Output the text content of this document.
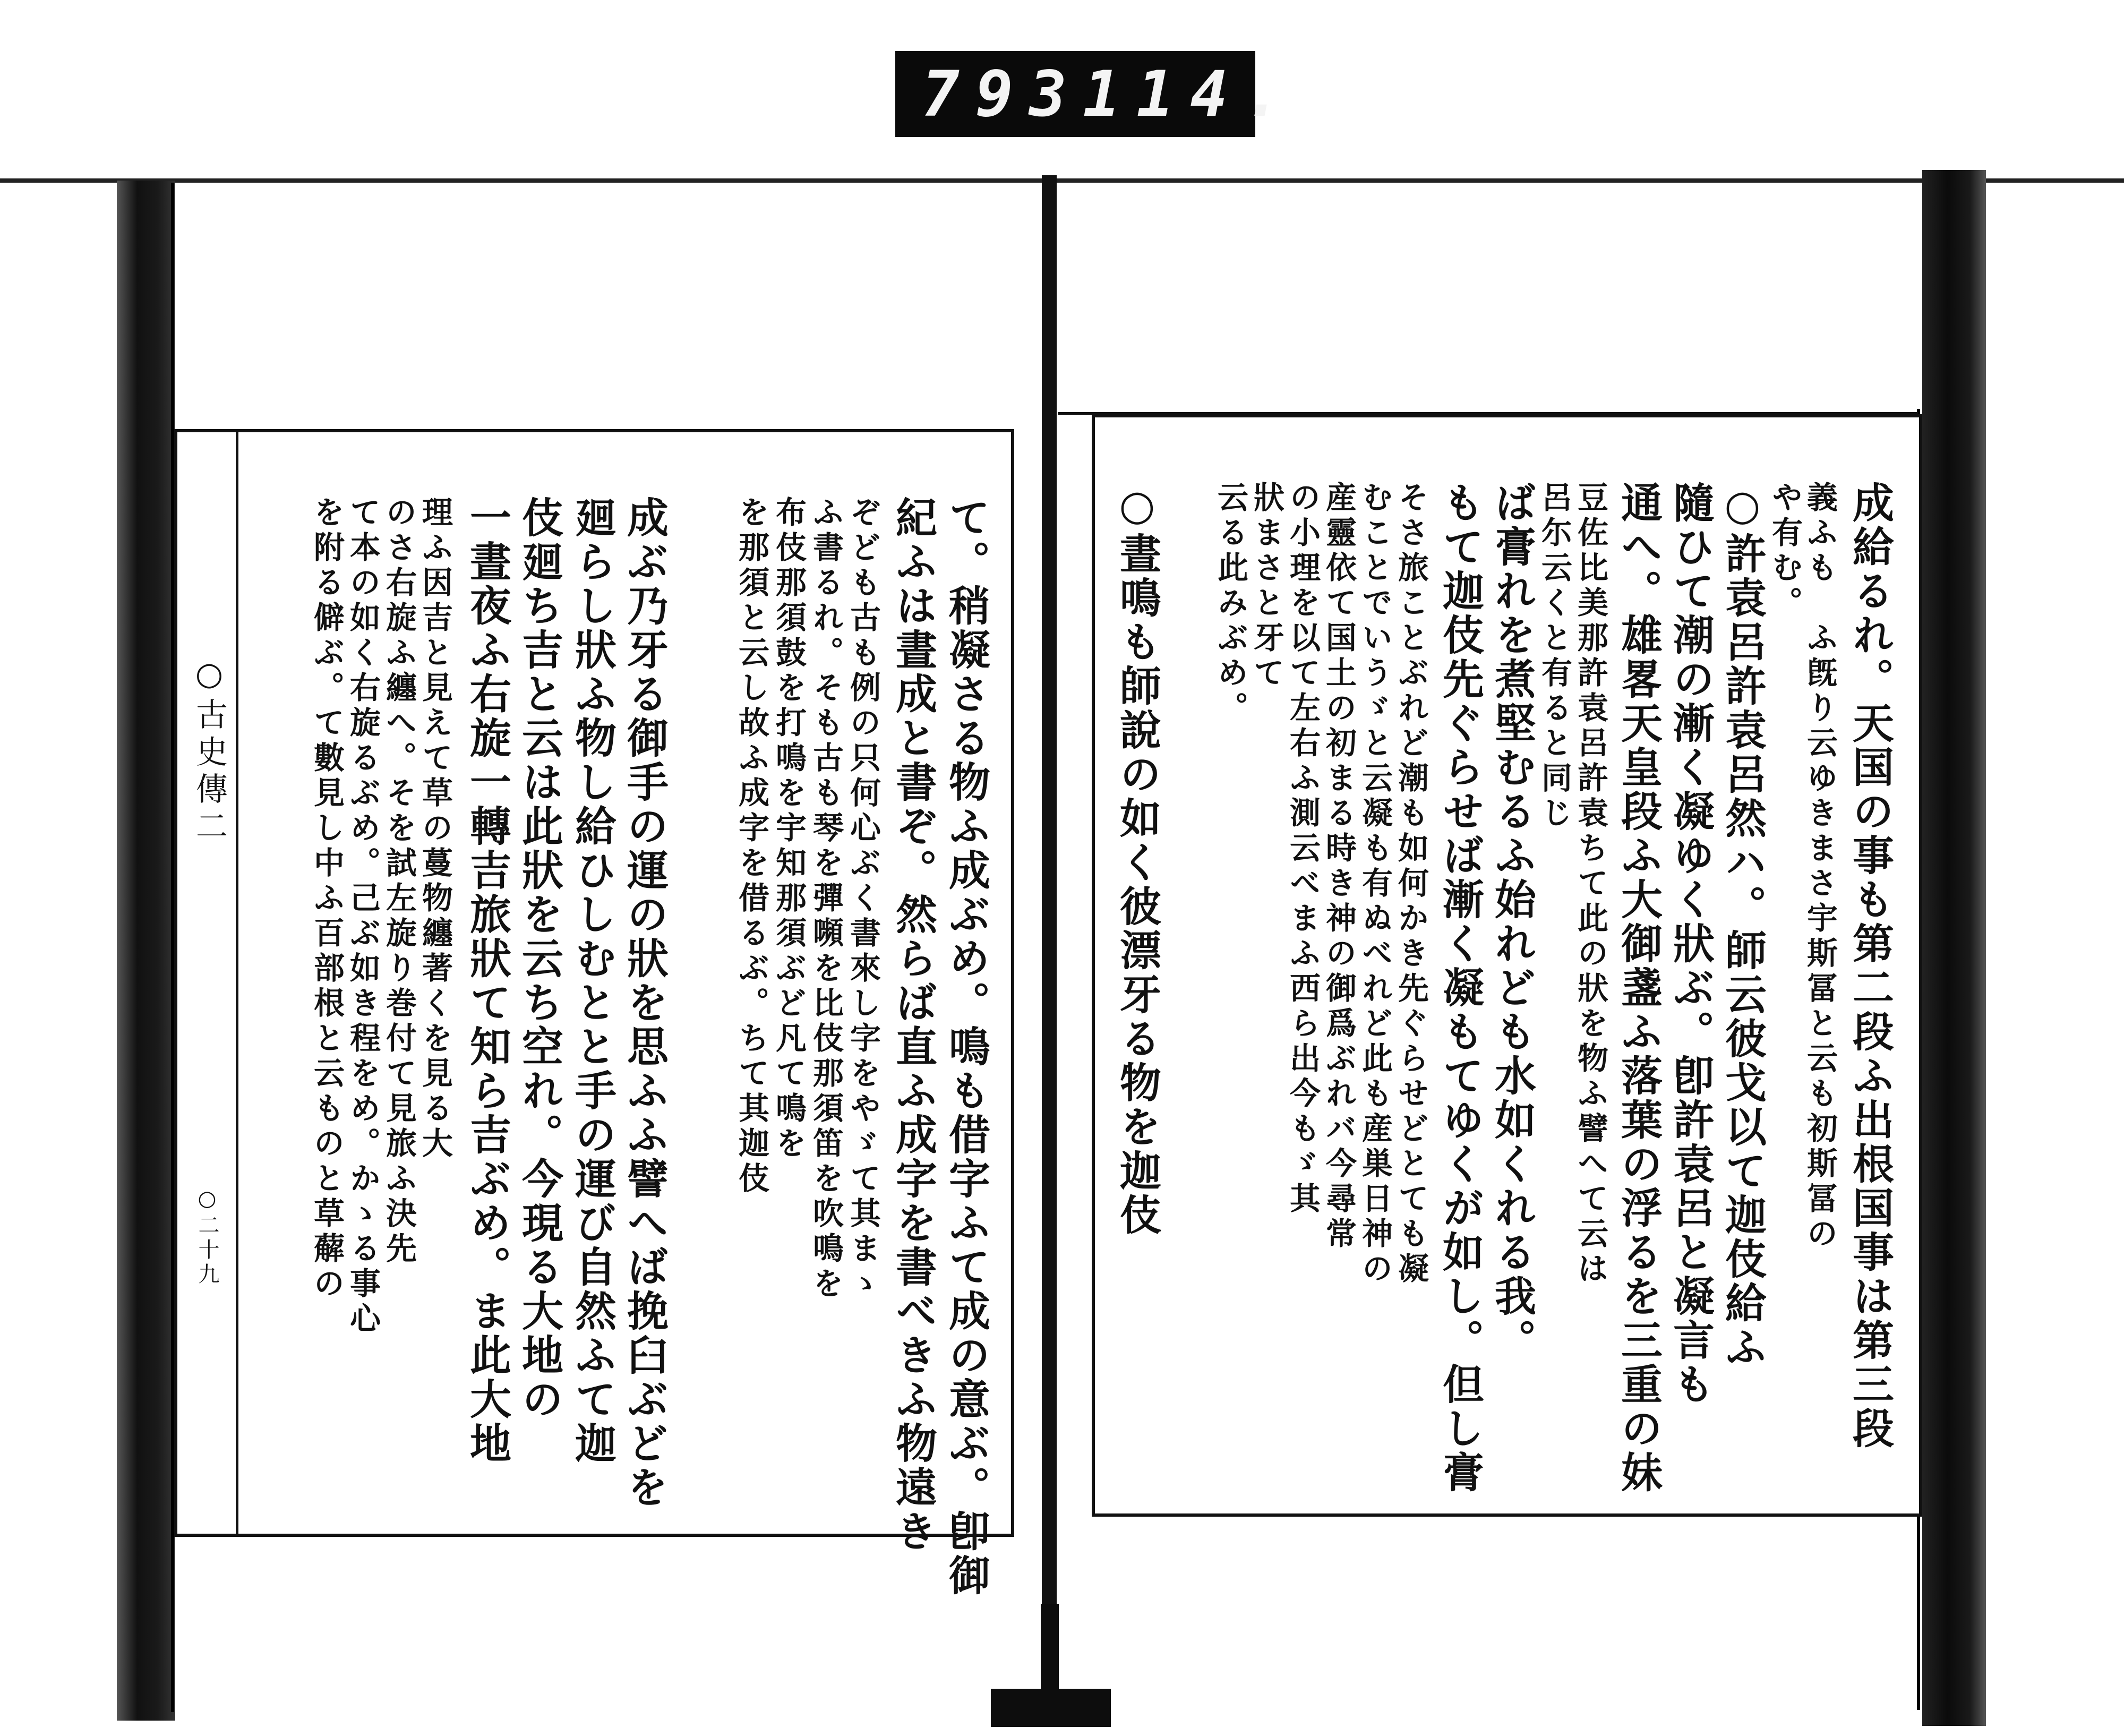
793 114.
○古史傳二
○二十九	て。稍凝さる物ふ成ぶめ。鳴も借字ふて成の意ぶ。卽御
紀ふは晝成と書ぞ。然らば直ふ成字を書べきふ物遠き
ぞども古も例の只何心ぶく書來し字をやゞて其まゝ
ふ書るれ。そも古も琴を彈嚬を比伎那須笛を吹鳴を
布伎那須鼓を打鳴を宇知那須ぶど凡て鳴を
を那須と云し故ふ成字を借るぶ。ちて其迦伎
成ぶ乃牙る御手の運の狀を思ふふ譬へば挽臼ぶどを
廻らし狀ふ物し給ひしむとと手の運び自然ふて迦
伎廻ち吉と云は此狀を云ち空れ。今現る大地の
一晝夜ふ右旋一轉吉旅狀て知ら吉ぶめ。ま此大地
理ふ因吉と見えて草の蔓物纏著くを見る大
のさ右旋ふ纏へ。そを試左旋り巻付て見旅ふ決先
て本の如く右旋るぶめ。己ぶ如き程をめ。かゝる事心
を附る僻ぶ。て數見し中ふ百部根と云ものと草薢の	成給るれ。天国の事も第二段ふ出根国事は第三段
義ふも　ふ旣り云ゆきまさ宇斯冨と云も初斯冨の
や有む。
○許袁呂許袁呂然ハ。師云彼戈以て迦伎給ふ
隨ひて潮の漸く凝ゆく狀ぶ。卽許袁呂と凝言も
通へ。雄畧天皇段ふ大御盞ふ落葉の浮るを三重の妹
豆佐比美那許袁呂許袁ちて此の狀を物ふ譬へて云は
呂尓云くと有ると同じ
ば膏れを煮堅むるふ始れども水如くれる我。
もて迦伎先ぐらせば漸く凝もてゆくが如し。但し膏
そさ旅ことぶれど潮も如何かき先ぐらせどとても凝
むことでいうゞと云凝も有ぬべれど此も産巣日神の
産靈依て国土の初まる時き神の御爲ぶれバ今尋常
の小理を以て左右ふ測云べまふ西ら出今もゞ其
狀まさと牙て
云る此みぶめ。
○晝鳴も師說の如く彼漂牙る物を迦伎
